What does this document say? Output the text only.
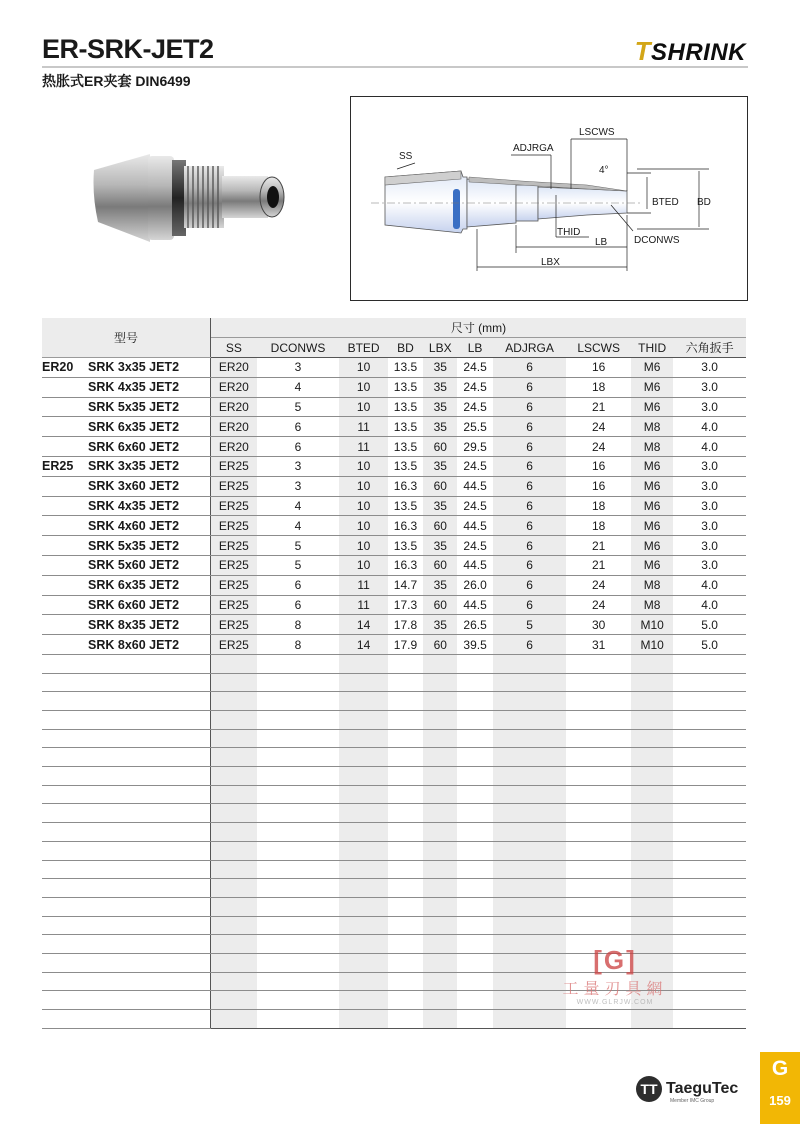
ER-SRK-JET2
热胀式ER夹套 DIN6499
TSHRINK
SS
ADJRGA
LSCWS
4°
BTED BD
THID
DCONWS
LB
LBX
型号	尺寸 (mm)									
	SS	DCONWS	BTED	BD	LBX	LB	ADJRGA	LSCWS	THID	六角扳手
ER20 SRK 3x35 JET2	ER20	3	10	13.5	35	24.5	6	16	M6	3.0
SRK 4x35 JET2	ER20	4	10	13.5	35	24.5	6	18	M6	3.0
SRK 5x35 JET2	ER20	5	10	13.5	35	24.5	6	21	M6	3.0
SRK 6x35 JET2	ER20	6	11	13.5	35	25.5	6	24	M8	4.0
SRK 6x60 JET2	ER20	6	11	13.5	60	29.5	6	24	M8	4.0
ER25 SRK 3x35 JET2	ER25	3	10	13.5	35	24.5	6	16	M6	3.0
SRK 3x60 JET2	ER25	3	10	16.3	60	44.5	6	16	M6	3.0
SRK 4x35 JET2	ER25	4	10	13.5	35	24.5	6	18	M6	3.0
SRK 4x60 JET2	ER25	4	10	16.3	60	44.5	6	18	M6	3.0
SRK 5x35 JET2	ER25	5	10	13.5	35	24.5	6	21	M6	3.0
SRK 5x60 JET2	ER25	5	10	16.3	60	44.5	6	21	M6	3.0
SRK 6x35 JET2	ER25	6	11	14.7	35	26.0	6	24	M8	4.0
SRK 6x60 JET2	ER25	6	11	17.3	60	44.5	6	24	M8	4.0
SRK 8x35 JET2	ER25	8	14	17.8	35	26.5	5	30	M10	5.0
SRK 8x60 JET2	ER25	8	14	17.9	60	39.5	6	31	M10	5.0

[G]
工量刃具網
WWW.GLRJW.COM
TT TaeguTec
Member IMC Group
G
159
